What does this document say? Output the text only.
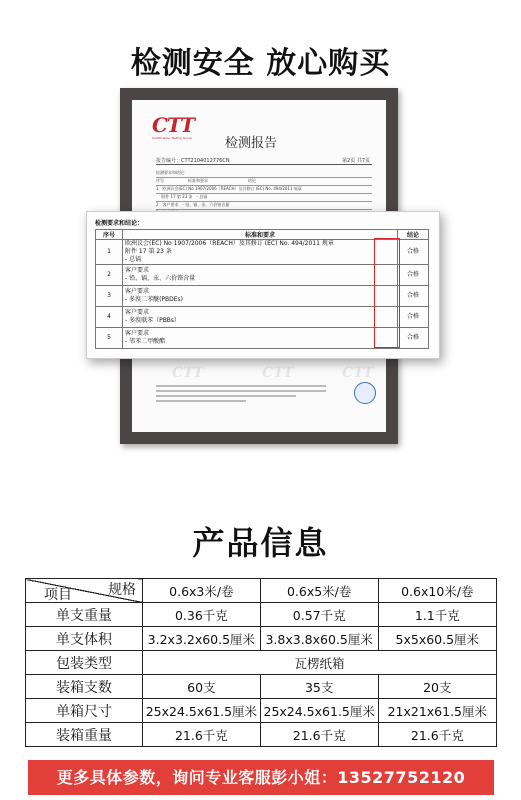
检测安全 放心购买
CTT
Certification Testing Group	检测报告
报告编号：CTT2104012776CN	第2页 共7页
检测要求和结论：
序号　　　　　　标准和要求　　　　　　　　　　结论
1　欧洲议会(EC) No 1907/2006（REACH）及其修订 (EC) No. 494/2011 规章
　 附件 17 第 23 条　- 总镉
2　客户要求　- 铅、镉、汞、六价铬含量
CTT	CTT	CTT
检测要求和结论：
序号	标准和要求	结论
1	欧洲议会(EC) No 1907/2006（REACH）及其修订 (EC) No. 494/2011 规章
附件 17 第 23 条
- 总镉	合格
2	客户要求
- 铅、镉、汞、六价铬含量	合格
3	客户要求
- 多溴二苯醚(PBDEs)	合格
4	客户要求
- 多溴联苯（PBBs）	合格
5	客户要求
- 邻苯二甲酸酯	合格
产品信息
规格
项目	0.6x3米/卷	0.6x5米/卷	0.6x10米/卷
单支重量	0.36千克	0.57千克	1.1千克
单支体积	3.2x3.2x60.5厘米	3.8x3.8x60.5厘米	5x5x60.5厘米
包装类型	瓦楞纸箱		
装箱支数	60支	35支	20支
单箱尺寸	25x24.5x61.5厘米	25x24.5x61.5厘米	21x21x61.5厘米
装箱重量	21.6千克	21.6千克	21.6千克
更多具体参数，询问专业客服彭小姐：13527752120
